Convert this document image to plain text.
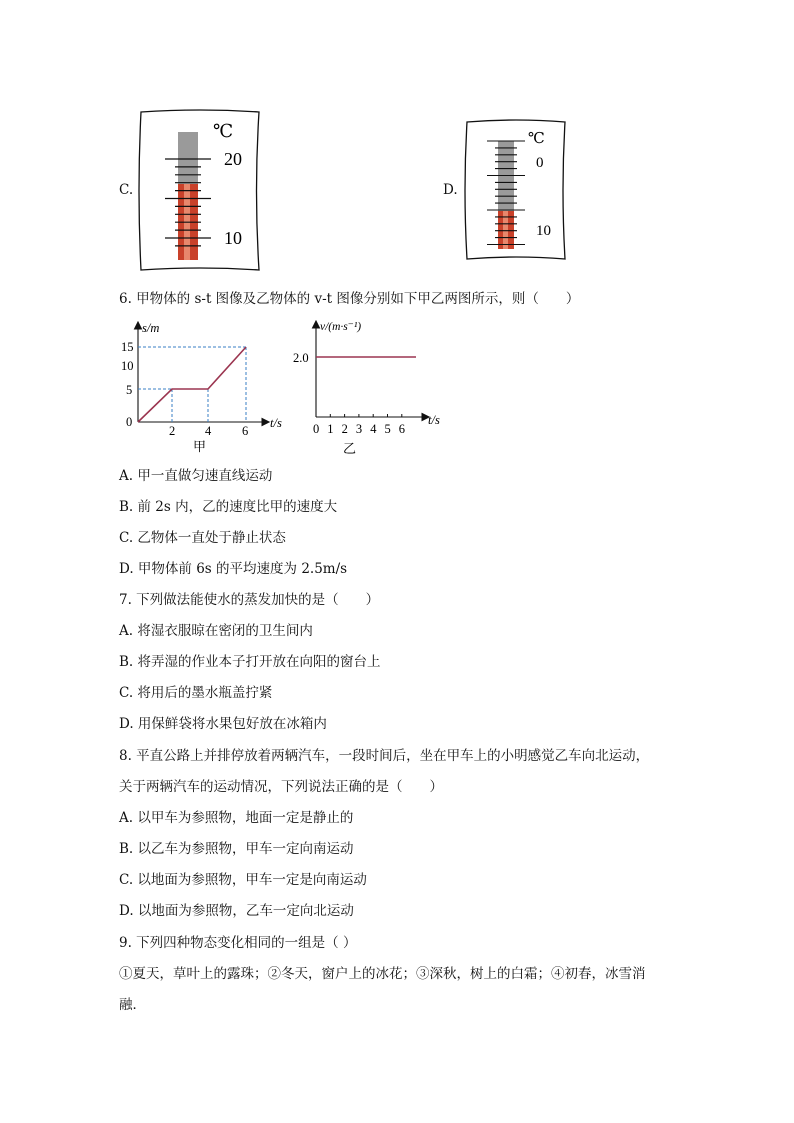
C.
℃
20
10
D.
℃
0
10
6. 甲物体的 s-t 图像及乙物体的 v-t 图像分别如下甲乙两图所示，则（　　）
s/m
t/s
15
10
5
0
2 4 6
甲
v/(m·s⁻¹)
t/s
2.0
0 1 2 3 4 5 6
乙
A. 甲一直做匀速直线运动
B. 前 2s 内，乙的速度比甲的速度大
C. 乙物体一直处于静止状态
D. 甲物体前 6s 的平均速度为 2.5m/s
7. 下列做法能使水的蒸发加快的是（　　）
A. 将湿衣服晾在密闭的卫生间内
B. 将弄湿的作业本子打开放在向阳的窗台上
C. 将用后的墨水瓶盖拧紧
D. 用保鲜袋将水果包好放在冰箱内
8. 平直公路上并排停放着两辆汽车，一段时间后，坐在甲车上的小明感觉乙车向北运动，
关于两辆汽车的运动情况，下列说法正确的是（　　）
A. 以甲车为参照物，地面一定是静止的
B. 以乙车为参照物，甲车一定向南运动
C. 以地面为参照物，甲车一定是向南运动
D. 以地面为参照物，乙车一定向北运动
9. 下列四种物态变化相同的一组是（ ）
①夏天，草叶上的露珠；②冬天，窗户上的冰花；③深秋，树上的白霜；④初春，冰雪消
融．
